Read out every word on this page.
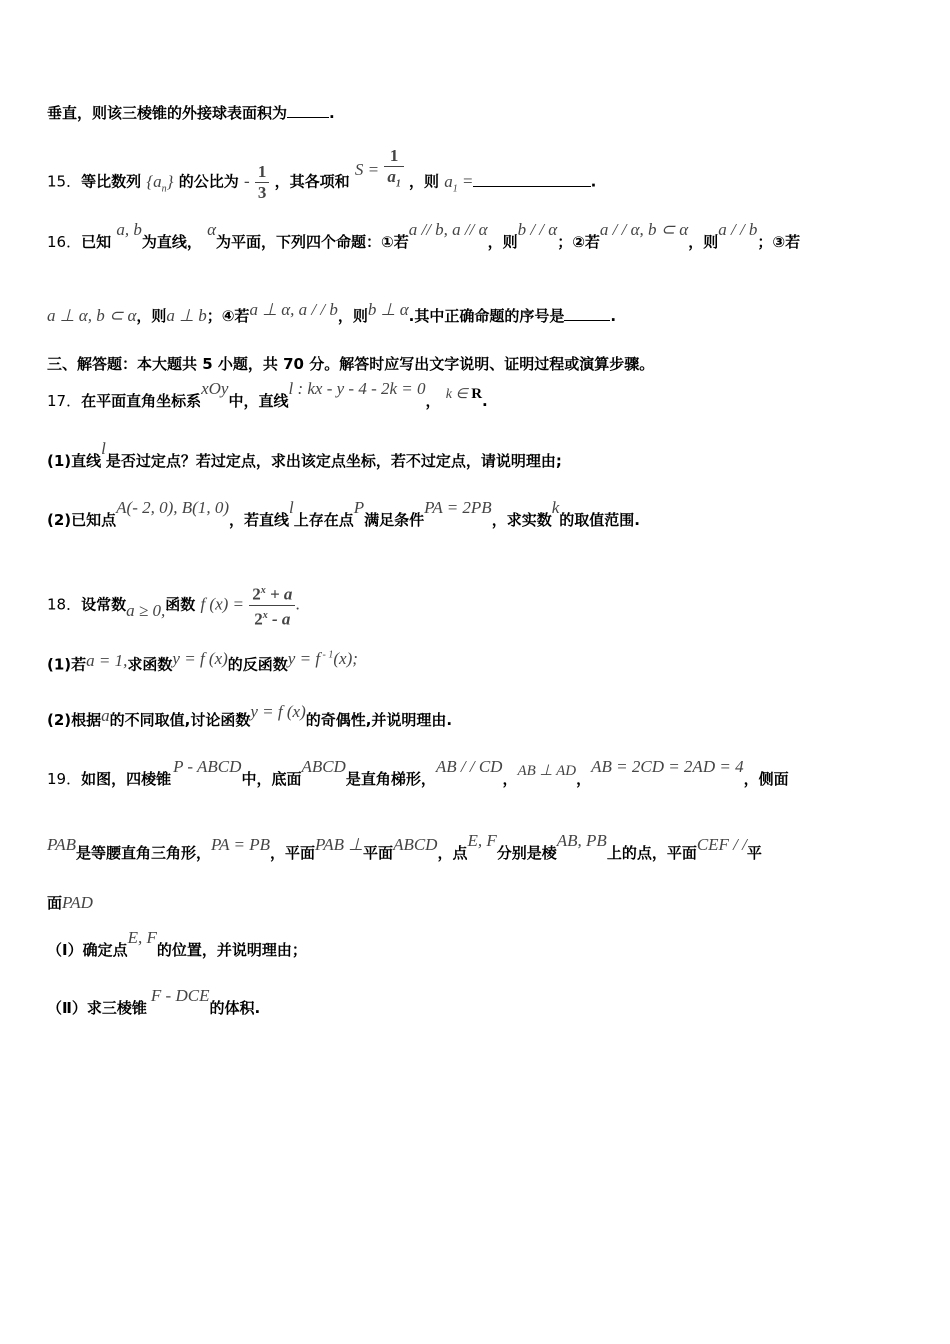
垂直，则该三棱锥的外接球表面积为	.
15．等比数列 $\{a_n\}$ 的公比为 - $\frac{1}{3}$ ，其各项和 $S = \frac{1}{a_1}$ ，则 $a_1$ =	.
16．已知 a, b为直线， α为平面，下列四个命题：①若a // b, a // α，则b / / α；②若a / / α, b ⊂ α，则a / / b；③若
a ⊥ α, b ⊂ α，则a ⊥ b；④若a ⊥ α, a / / b，则b ⊥ α.其中正确命题的序号是	.
三、解答题：本大题共 5 小题，共 70 分。解答时应写出文字说明、证明过程或演算步骤。
17．在平面直角坐标系xOy中，直线l : kx - y - 4 - 2k = 0， k ∈ R.
(1)直线l是否过定点？若过定点，求出该定点坐标，若不过定点，请说明理由;
(2)已知点A(- 2, 0), B(1, 0)，若直线l上存在点P满足条件PA = 2PB，求实数k的取值范围.
18．设常数a ≥ 0,函数 f $(x) = \frac{2^x + a}{2^x - a}$ .
(1)若a = 1,求函数y = f (x)的反函数y = f $^{- 1}$(x);
(2)根据a的不同取值,讨论函数y = f (x)的奇偶性,并说明理由.
19．如图，四棱锥P - ABCD中，底面ABCD是直角梯形，AB / / CD，AB ⊥ AD，AB = 2CD = 2AD = 4，侧面
PAB是等腰直角三角形，PA = PB，平面PAB ⊥平面ABCD，点E, F分别是棱AB, PB上的点，平面CEF / /平
面PAD
（Ⅰ）确定点E, F的位置，并说明理由；
（Ⅱ）求三棱锥F - DCE的体积.
